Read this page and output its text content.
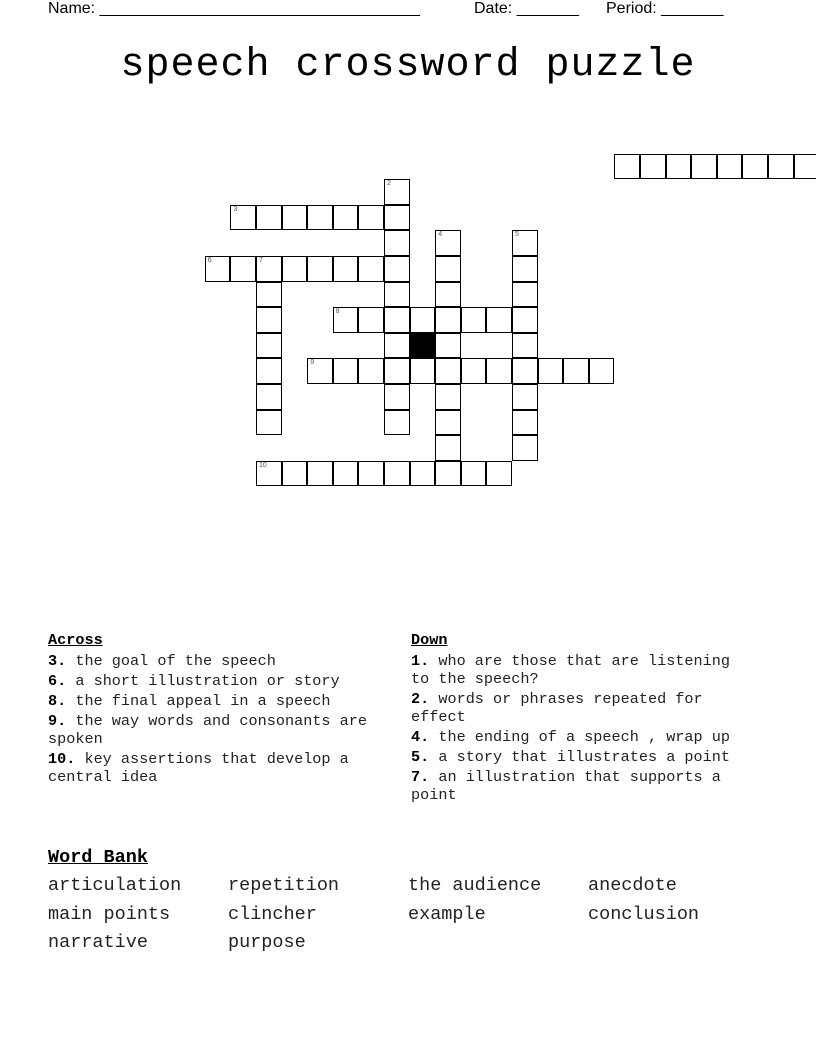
Name: ____________________________________	Date: _______ Period: _______
speech crossword puzzle
2
3
4	5
6	7
8
9
10
Across
3. the goal of the speech
6. a short illustration or story
8. the final appeal in a speech
9. the way words and consonants are spoken
10. key assertions that develop a central idea
Down
1. who are those that are listening to the speech?
2. words or phrases repeated for effect
4. the ending of a speech , wrap up
5. a story that illustrates a point
7. an illustration that supports a point
Word Bank
articulation	repetition	the audience	anecdote
main points	clincher	example	conclusion
narrative	purpose
